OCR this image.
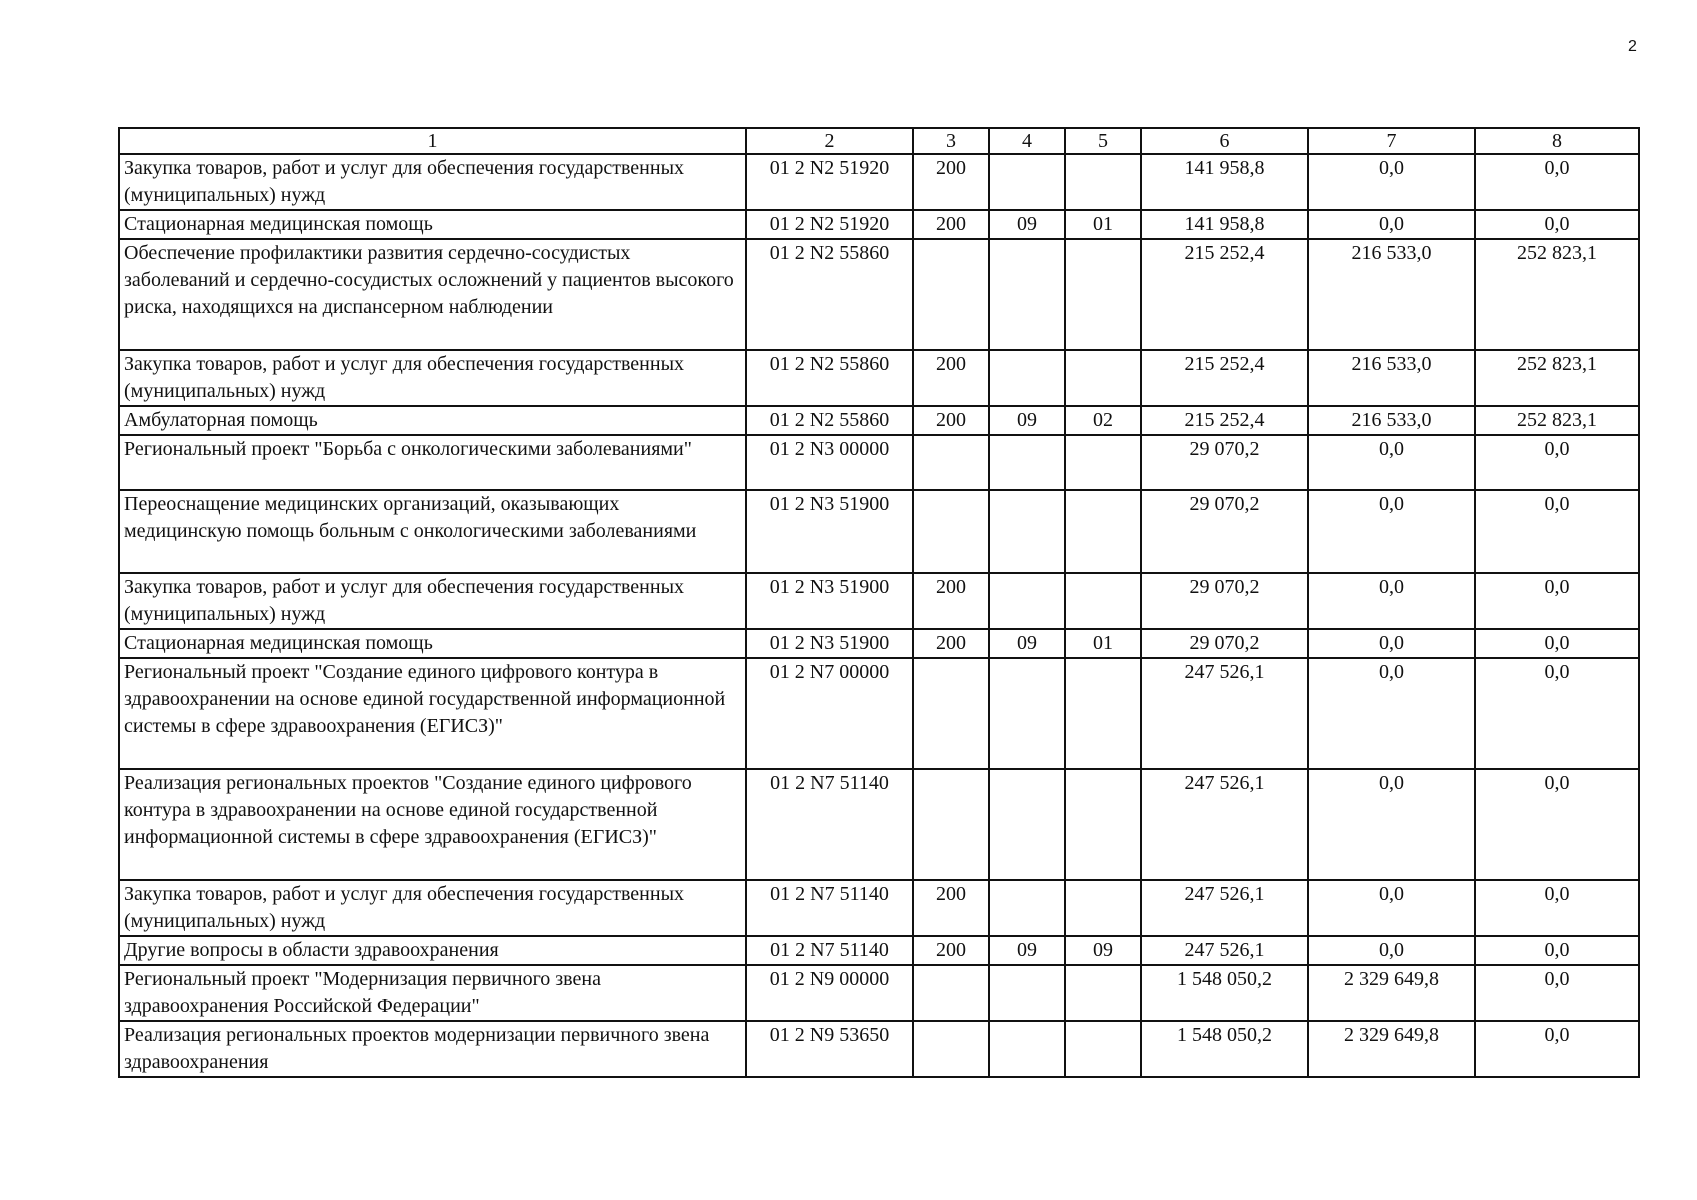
2
1	2	3	4	5	6	7	8
Закупка товаров, работ и услуг для обеспечения государственных (муниципальных) нужд	01 2 N2 51920	200			141 958,8	0,0	0,0
Стационарная медицинская помощь	01 2 N2 51920	200	09	01	141 958,8	0,0	0,0
Обеспечение профилактики развития сердечно-сосудистых заболеваний и сердечно-сосудистых осложнений у пациентов высокого риска, находящихся на диспансерном наблюдении	01 2 N2 55860				215 252,4	216 533,0	252 823,1
Закупка товаров, работ и услуг для обеспечения государственных (муниципальных) нужд	01 2 N2 55860	200			215 252,4	216 533,0	252 823,1
Амбулаторная помощь	01 2 N2 55860	200	09	02	215 252,4	216 533,0	252 823,1
Региональный проект "Борьба с онкологическими заболеваниями"	01 2 N3 00000				29 070,2	0,0	0,0
Переоснащение медицинских организаций, оказывающих медицинскую помощь больным с онкологическими заболеваниями	01 2 N3 51900				29 070,2	0,0	0,0
Закупка товаров, работ и услуг для обеспечения государственных (муниципальных) нужд	01 2 N3 51900	200			29 070,2	0,0	0,0
Стационарная медицинская помощь	01 2 N3 51900	200	09	01	29 070,2	0,0	0,0
Региональный проект "Создание единого цифрового контура в здравоохранении на основе единой государственной информационной системы в сфере здравоохранения (ЕГИСЗ)"	01 2 N7 00000				247 526,1	0,0	0,0
Реализация региональных проектов "Создание единого цифрового контура в здравоохранении на основе единой государственной информационной системы в сфере здравоохранения (ЕГИСЗ)"	01 2 N7 51140				247 526,1	0,0	0,0
Закупка товаров, работ и услуг для обеспечения государственных (муниципальных) нужд	01 2 N7 51140	200			247 526,1	0,0	0,0
Другие вопросы в области здравоохранения	01 2 N7 51140	200	09	09	247 526,1	0,0	0,0
Региональный проект "Модернизация первичного звена здравоохранения Российской Федерации"	01 2 N9 00000				1 548 050,2	2 329 649,8	0,0
Реализация региональных проектов модернизации первичного звена здравоохранения	01 2 N9 53650				1 548 050,2	2 329 649,8	0,0
